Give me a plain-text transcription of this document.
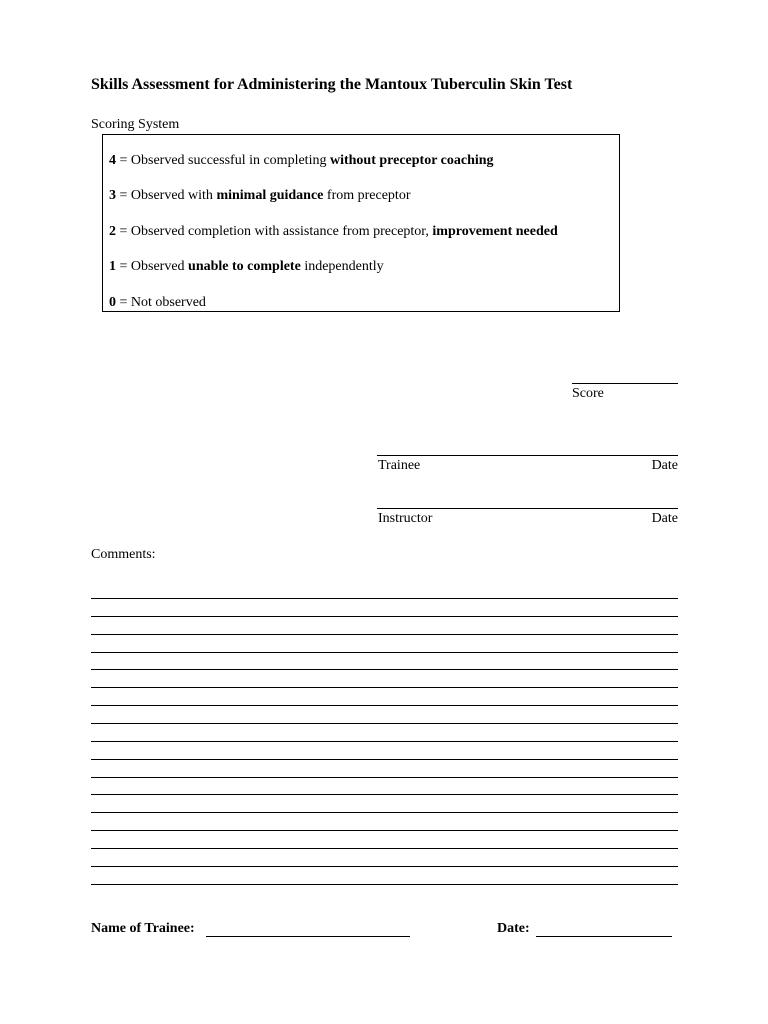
Skills Assessment for Administering the Mantoux Tuberculin Skin Test
Scoring System
4 = Observed successful in completing without preceptor coaching
3 = Observed with minimal guidance from preceptor
2 = Observed completion with assistance from preceptor, improvement needed
1 = Observed unable to complete independently
0 = Not observed
Score
Trainee	Date
Instructor	Date
Comments:
Name of Trainee:	Date:
